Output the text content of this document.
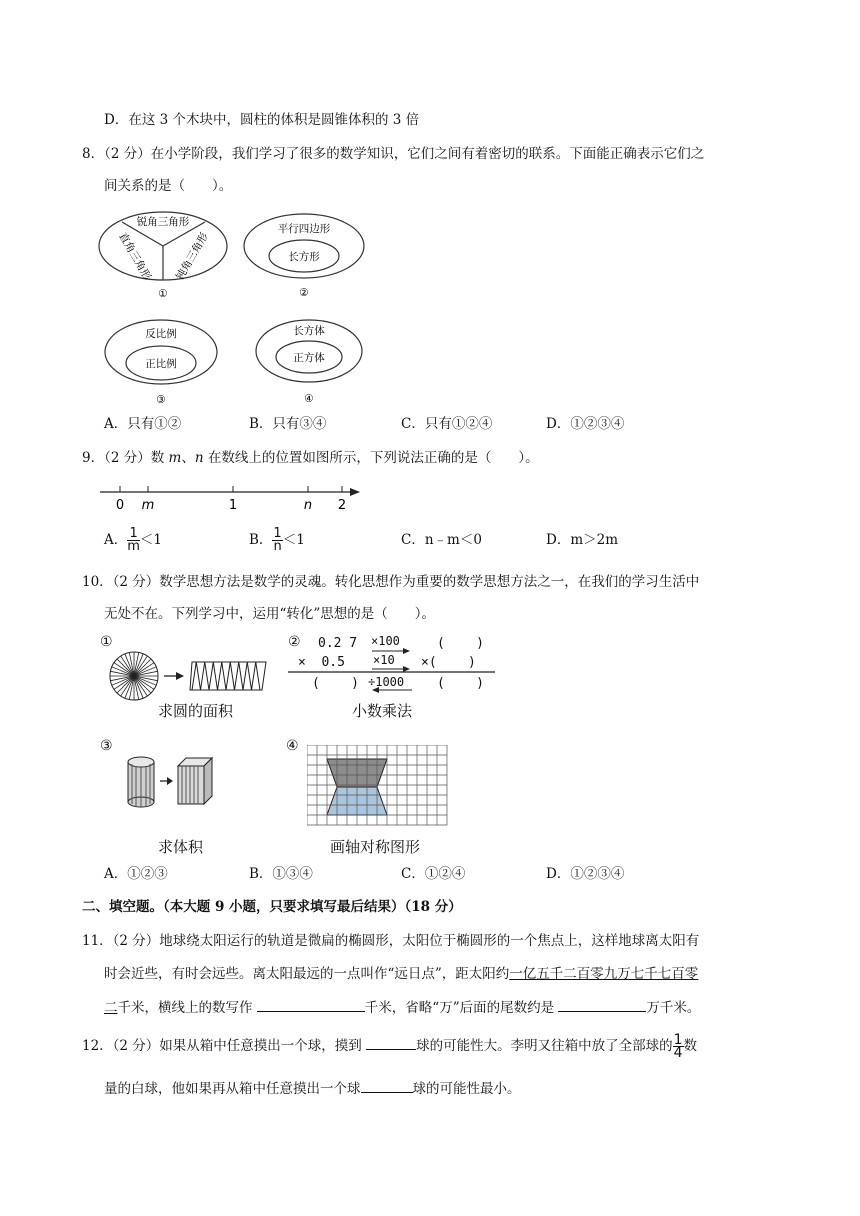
D．在这 3 个木块中，圆柱的体积是圆锥体积的 3 倍
8．（2 分）在小学阶段，我们学习了很多的数学知识，它们之间有着密切的联系。下面能正确表示它们之
间关系的是（　　）。
锐角三角形
直角三角形 钝角三角形
①
平行四边形
长方形
②
反比例
正比例
③
长方体
正方体
④
A．只有①②	B．只有③④	C．只有①②④	D．①②③④
9．（2 分）数 m、n 在数线上的位置如图所示，下列说法正确的是（　　）。
0 m	1	n 2
A． $\frac{1}{m} <1$	B． $\frac{1}{n} <1$	C．n﹣m＜0	D．m＞2m
10．（2 分）数学思想方法是数学的灵魂。转化思想作为重要的数学思想方法之一，在我们的学习生活中
无处不在。下列学习中，运用“转化”思想的是（　　）。
①
求圆的面积
② 0.2 7
×  0.5
(    )
×100
×10
÷1000
(    )
×(    )
(    )
小数乘法
③
求体积
④
画轴对称图形
A．①②③	B．①③④	C．①②④	D．①②③④
二、填空题。（本大题 9 小题，只要求填写最后结果）（18 分）
11．（2 分）地球绕太阳运行的轨道是微扁的椭圆形，太阳位于椭圆形的一个焦点上，这样地球离太阳有
时会近些，有时会远些。离太阳最远的一点叫作“远日点”，距太阳约一亿五千二百零九万七千七百零
二千米，横线上的数写作	千米，省略“万”后面的尾数约是	万千米。
12．（2 分）如果从箱中任意摸出一个球，摸到	球的可能性大。李明又往箱中放了全部球的 $\frac{1}{4}$ 数
量的白球，他如果再从箱中任意摸出一个球	球的可能性最小。
